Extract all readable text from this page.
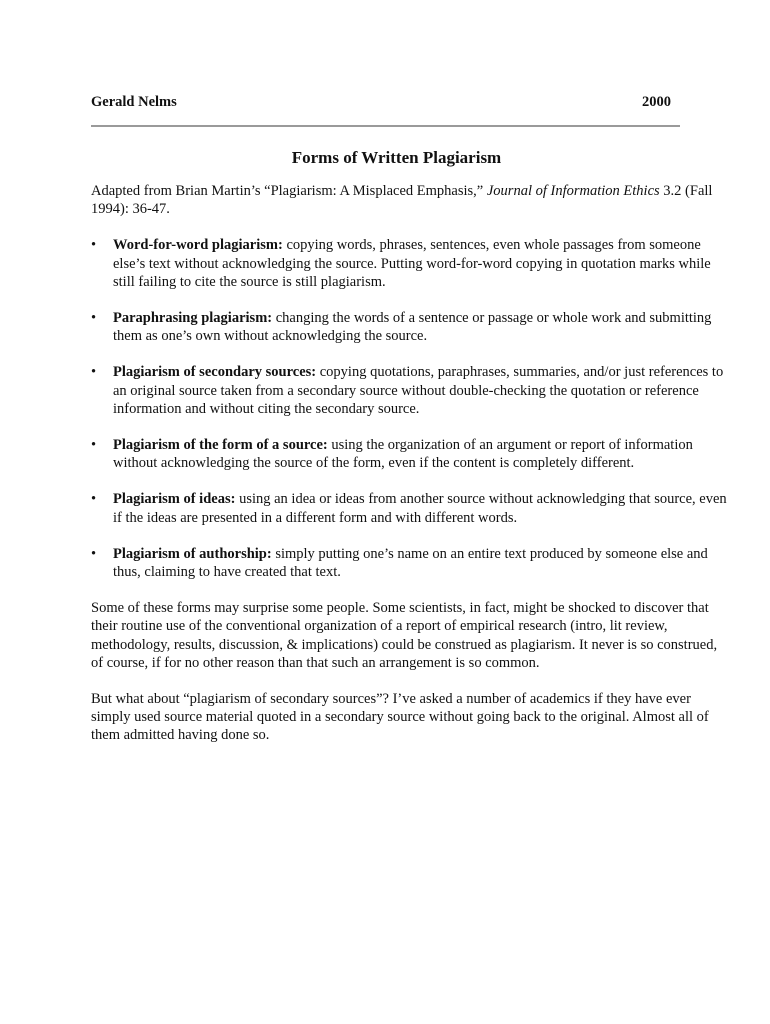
Gerald Nelms	2000
Forms of Written Plagiarism
Adapted from Brian Martin’s “Plagiarism: A Misplaced Emphasis,” Journal of Information Ethics 3.2 (Fall 1994): 36-47.
• Word-for-word plagiarism: copying words, phrases, sentences, even whole passages from someone else’s text without acknowledging the source. Putting word-for-word copying in quotation marks while still failing to cite the source is still plagiarism.
• Paraphrasing plagiarism: changing the words of a sentence or passage or whole work and submitting them as one’s own without acknowledging the source.
• Plagiarism of secondary sources: copying quotations, paraphrases, summaries, and/or just references to an original source taken from a secondary source without double-checking the quotation or reference information and without citing the secondary source.
• Plagiarism of the form of a source: using the organization of an argument or report of information without acknowledging the source of the form, even if the content is completely different.
• Plagiarism of ideas: using an idea or ideas from another source without acknowledging that source, even if the ideas are presented in a different form and with different words.
• Plagiarism of authorship: simply putting one’s name on an entire text produced by someone else and thus, claiming to have created that text.

Some of these forms may surprise some people. Some scientists, in fact, might be shocked to discover that their routine use of the conventional organization of a report of empirical research (intro, lit review, methodology, results, discussion, & implications) could be construed as plagiarism. It never is so construed, of course, if for no other reason than that such an arrangement is so common.

But what about “plagiarism of secondary sources”? I’ve asked a number of academics if they have ever simply used source material quoted in a secondary source without going back to the original. Almost all of them admitted having done so.
